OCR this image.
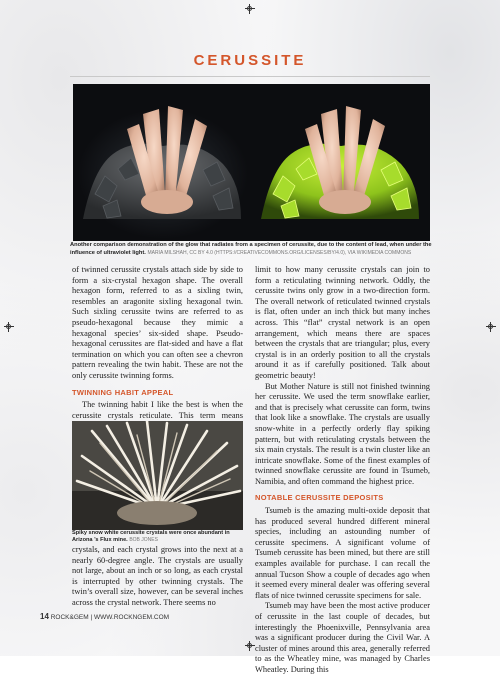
CERUSSITE
Another comparison demonstration of the glow that radiates from a specimen of cerussite, due to the content of lead, when under the influence of ultraviolet light. MARIA MILSHAH, CC BY 4.0 (HTTPS://CREATIVECOMMONS.ORG/LICENSES/BY/4.0), VIA WIKIMEDIA COMMONS

of twinned cerussite crystals attach side by side to form a six-crystal hexagon shape. The overall hexagon form, referred to as a sixling twin, resembles an aragonite sixling hexagonal twin. Such sixling cerussite twins are referred to as pseudo-hexagonal because they mimic a hexagonal species’ six-sided shape. Pseudo-hexagonal cerussites are flat-sided and have a flat termination on which you can often see a chevron pattern revealing the twin habit. These are not the only cerussite twinning forms.

TWINNING HABIT APPEAL

The twinning habit I like the best is when the cerussite crystals reticulate. This term means

Spiky snow white cerussite crystals were once abundant in Arizona ’s Flux mine. BOB JONES

crystals, and each crystal grows into the next at a nearly 60-degree angle. The crystals are usually not large, about an inch or so long, as each crystal is interrupted by other twinning crystals. The twin’s overall size, however, can be several inches across the crystal network. There seems no

limit to how many cerussite crystals can join to form a reticulating twinning network. Oddly, the cerussite twins only grow in a two-direction form. The overall network of reticulated twinned crystals is flat, often under an inch thick but many inches across. This “flat” crystal network is an open arrangement, which means there are spaces between the crystals that are triangular; plus, every crystal is in an orderly position to all the crystals around it as if carefully positioned. Talk about geometric beauty!

But Mother Nature is still not finished twinning her cerussite. We used the term snowflake earlier, and that is precisely what cerussite can form, twins that look like a snowflake. The crystals are usually snow-white in a perfectly orderly flay spiking pattern, but with reticulating crystals between the six main crystals. The result is a twin cluster like an intricate snowflake. Some of the finest examples of twinned snowflake cerussite are found in Tsumeb, Namibia, and often command the highest price.

NOTABLE CERUSSITE DEPOSITS

Tsumeb is the amazing multi-oxide deposit that has produced several hundred different mineral species, including an astounding number of cerussite specimens. A significant volume of Tsumeb cerussite has been mined, but there are still examples available for purchase. I can recall the annual Tucson Show a couple of decades ago when it seemed every mineral dealer was offering several flats of nice twinned cerussite specimens for sale.

Tsumeb may have been the most active producer of cerussite in the last couple of decades, but interestingly the Phoenixville, Pennsylvania area was a significant producer during the Civil War. A cluster of mines around this area, generally referred to as the Wheatley mine, was managed by Charles Wheatley. During this

14 ROCK&GEM | WWW.ROCKNGEM.COM
